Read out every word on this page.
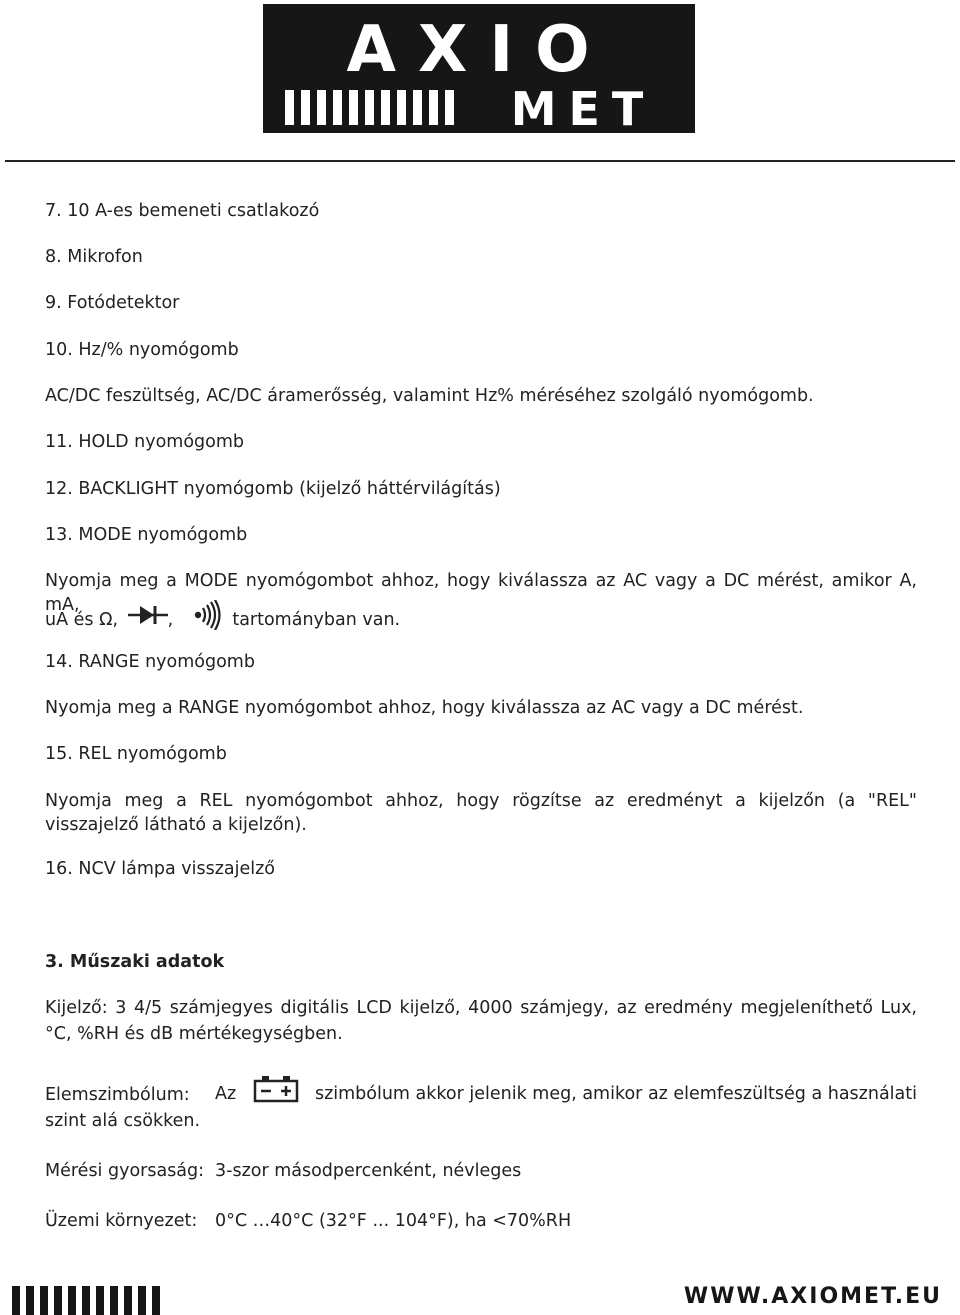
AXIO
MET
7. 10 A-es bemeneti csatlakozó
8. Mikrofon
9. Fotódetektor
10. Hz/% nyomógomb
AC/DC feszültség, AC/DC áramerősség, valamint Hz% méréséhez szolgáló nyomógomb.
11. HOLD nyomógomb
12. BACKLIGHT nyomógomb (kijelző háttérvilágítás)
13. MODE nyomógomb
Nyomja meg a MODE nyomógombot ahhoz, hogy kiválassza az AC vagy a DC mérést, amikor A, mA,
uA és Ω,	,	tartományban van.
14. RANGE nyomógomb
Nyomja meg a RANGE nyomógombot ahhoz, hogy kiválassza az AC vagy a DC mérést.
15. REL nyomógomb
Nyomja meg a REL nyomógombot ahhoz, hogy rögzítse az eredményt a kijelzőn (a "REL" visszajelző látható a kijelzőn).
16. NCV lámpa visszajelző
3. Műszaki adatok
Kijelző: 3 4/5 számjegyes digitális LCD kijelző, 4000 számjegy, az eredmény megjeleníthető Lux, °C, %RH és dB mértékegységben.
Elemszimbólum: Az	szimbólum akkor jelenik meg, amikor az elemfeszültség a használati
szint alá csökken.
Mérési gyorsaság: 3-szor másodpercenként, névleges
Üzemi környezet: 0°C …40°C (32°F ... 104°F), ha <70%RH
WWW.AXIOMET.EU
